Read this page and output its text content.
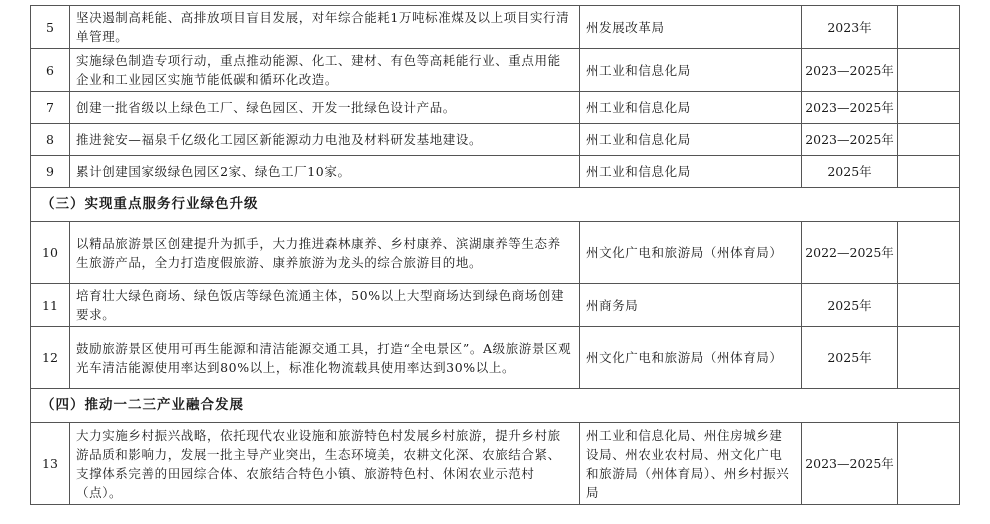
5	坚决遏制高耗能、高排放项目盲目发展，对年综合能耗1万吨标准煤及以上项目实行清单管理。	州发展改革局	2023年	
6	实施绿色制造专项行动，重点推动能源、化工、建材、有色等高耗能行业、重点用能企业和工业园区实施节能低碳和循环化改造。	州工业和信息化局	2023—2025年	
7	创建一批省级以上绿色工厂、绿色园区、开发一批绿色设计产品。	州工业和信息化局	2023—2025年	
8	推进瓮安—福泉千亿级化工园区新能源动力电池及材料研发基地建设。	州工业和信息化局	2023—2025年	
9	累计创建国家级绿色园区2家、绿色工厂10家。	州工业和信息化局	2025年	
（三）实现重点服务行业绿色升级				
10	以精品旅游景区创建提升为抓手，大力推进森林康养、乡村康养、滨湖康养等生态养生旅游产品，全力打造度假旅游、康养旅游为龙头的综合旅游目的地。	州文化广电和旅游局（州体育局）	2022—2025年	
11	培育壮大绿色商场、绿色饭店等绿色流通主体，50%以上大型商场达到绿色商场创建要求。	州商务局	2025年	
12	鼓励旅游景区使用可再生能源和清洁能源交通工具，打造“全电景区”。A级旅游景区观光车清洁能源使用率达到80%以上，标准化物流载具使用率达到30%以上。	州文化广电和旅游局（州体育局）	2025年	
（四）推动一二三产业融合发展				
13	大力实施乡村振兴战略，依托现代农业设施和旅游特色村发展乡村旅游，提升乡村旅游品质和影响力，发展一批主导产业突出，生态环境美，农耕文化深、农旅结合紧、支撑体系完善的田园综合体、农旅结合特色小镇、旅游特色村、休闲农业示范村（点）。	州工业和信息化局、州住房城乡建设局、州农业农村局、州文化广电和旅游局（州体育局）、州乡村振兴局	2023—2025年	
